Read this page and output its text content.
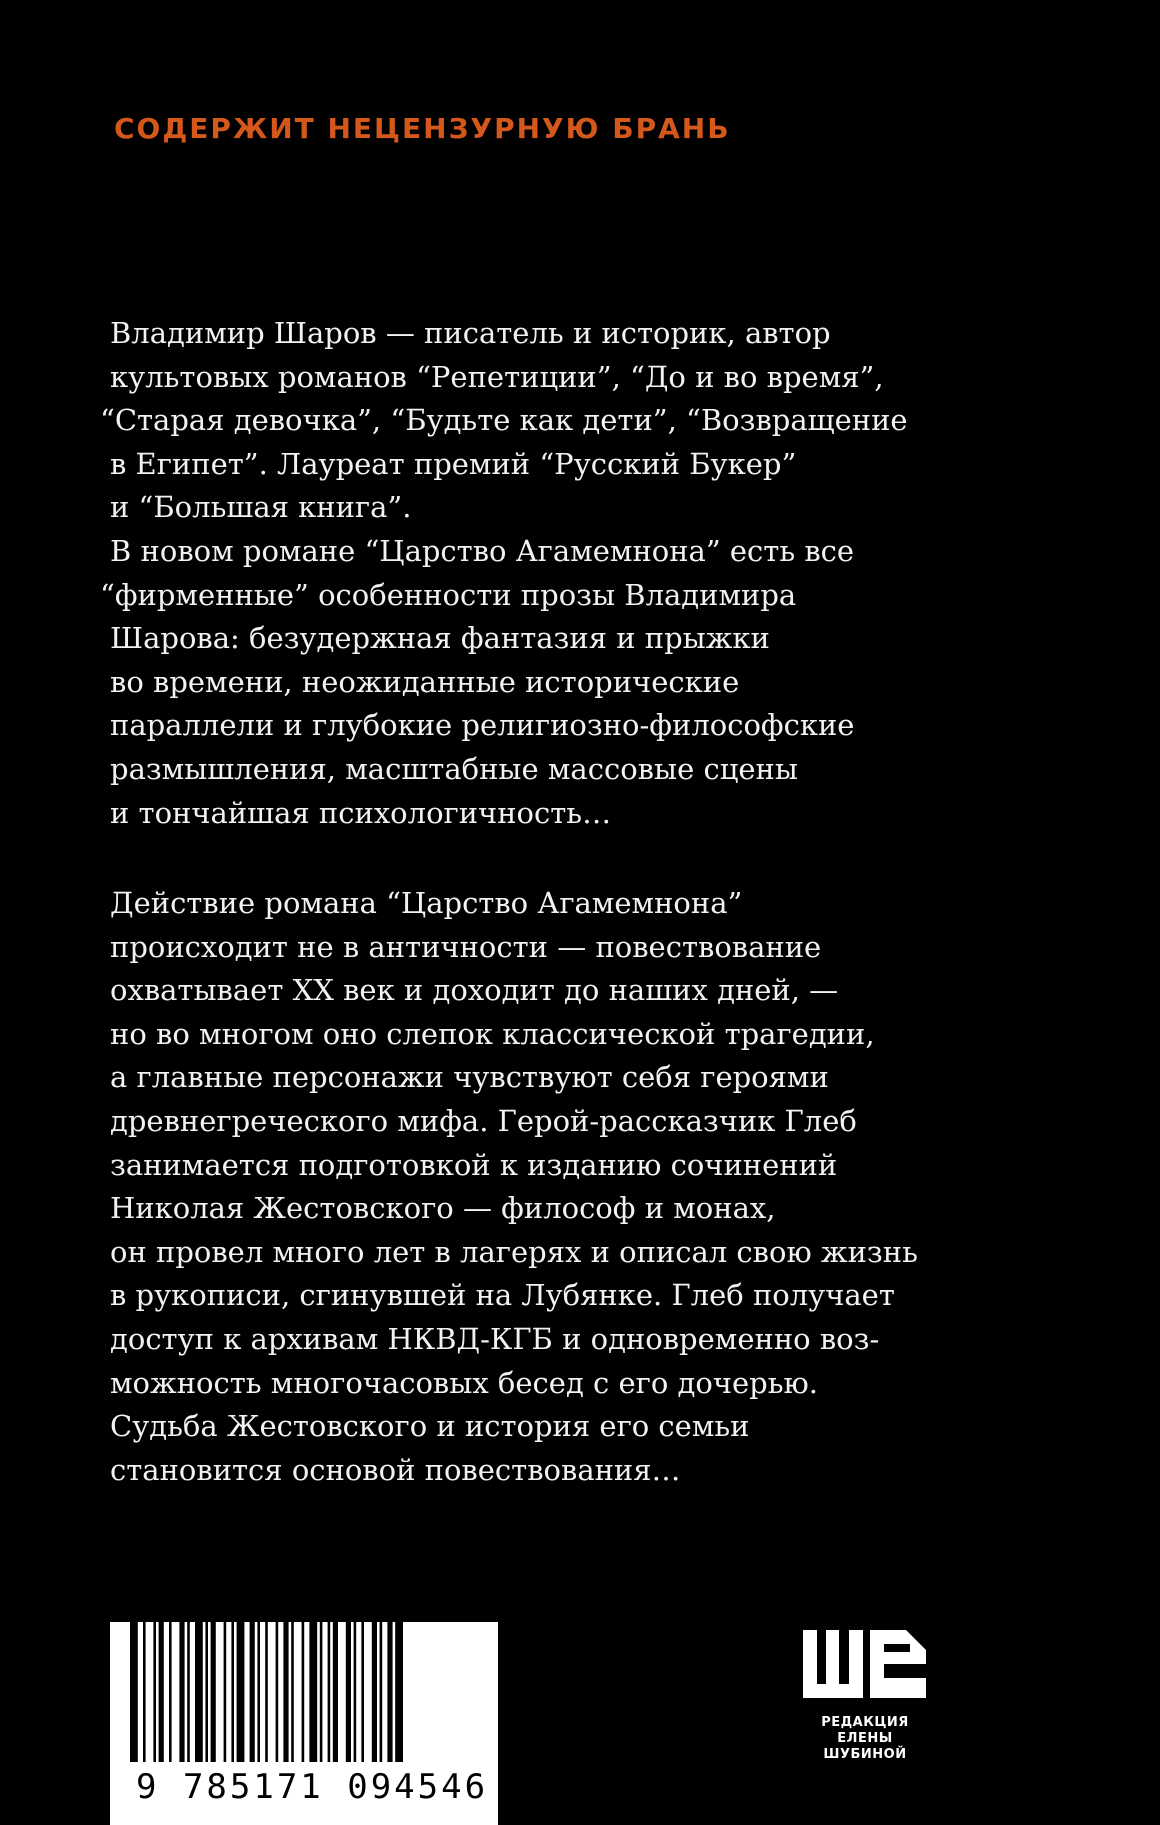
СОДЕРЖИТ НЕЦЕНЗУРНУЮ БРАНЬ
Владимир Шаров — писатель и историк, автор
культовых романов “Репетиции”, “До и во время”,
“Старая девочка”, “Будьте как дети”, “Возвращение
в Египет”. Лауреат премий “Русский Букер”
и “Большая книга”.
В новом романе “Царство Агамемнона” есть все
“фирменные” особенности прозы Владимира
Шарова: безудержная фантазия и прыжки
во времени, неожиданные исторические
параллели и глубокие религиозно-философские
размышления, масштабные массовые сцены
и тончайшая психологичность…
Действие романа “Царство Агамемнона”
происходит не в античности — повествование
охватывает XX век и доходит до наших дней, —
но во многом оно слепок классической трагедии,
а главные персонажи чувствуют себя героями
древнегреческого мифа. Герой-рассказчик Глеб
занимается подготовкой к изданию сочинений
Николая Жестовского — философ и монах,
он провел много лет в лагерях и описал свою жизнь
в рукописи, сгинувшей на Лубянке. Глеб получает
доступ к архивам НКВД-КГБ и одновременно воз-
можность многочасовых бесед с его дочерью.
Судьба Жестовского и история его семьи
становится основой повествования…
9 785171 094546
РЕДАКЦИЯ
ЕЛЕНЫ ШУБИНОЙ
